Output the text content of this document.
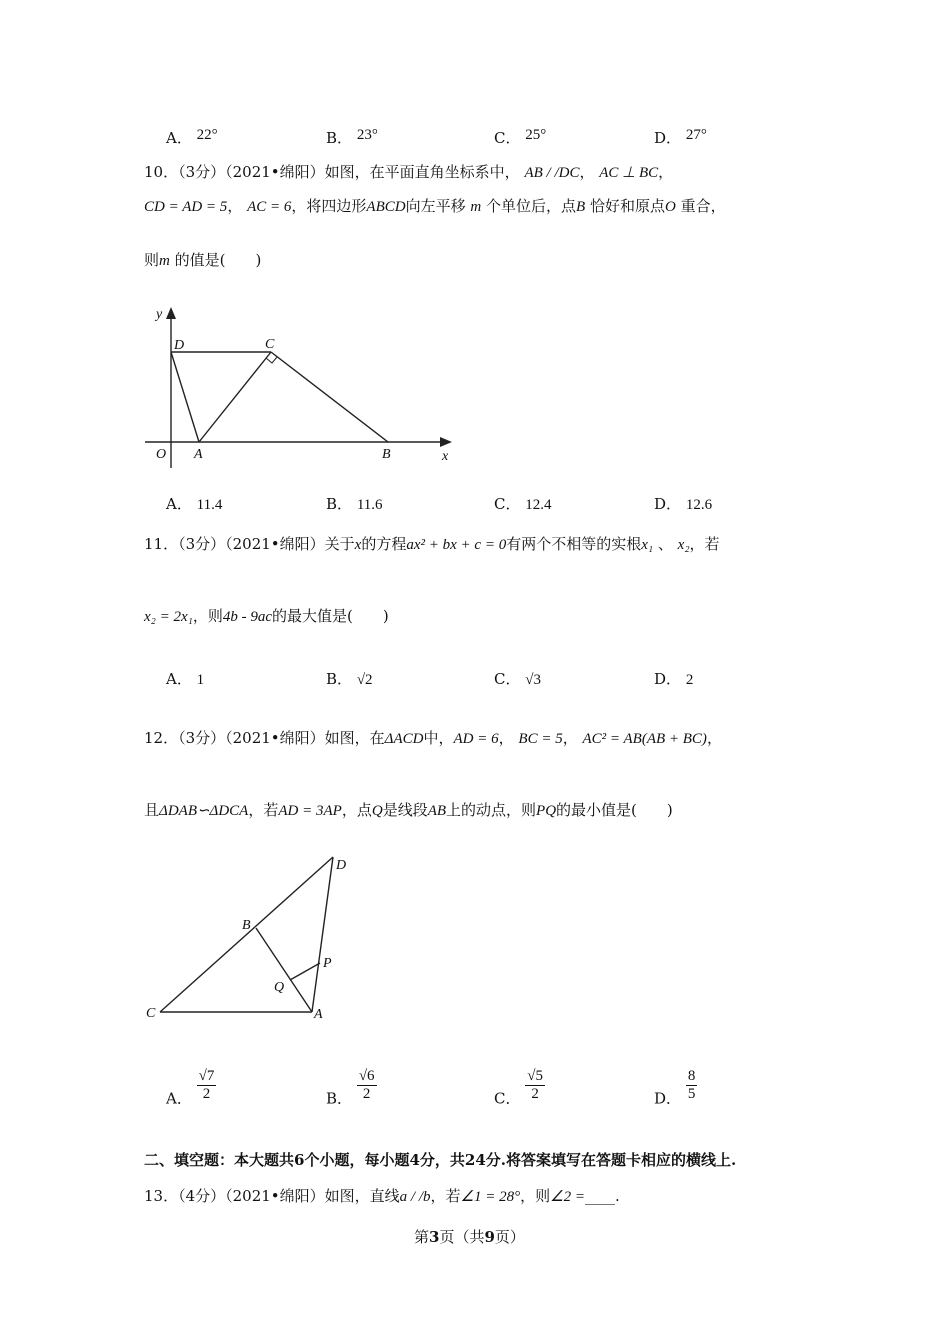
A． 22°	B． 23°	C． 25°	D． 27°
10．（3分）（2021•绵阳）如图，在平面直角坐标系中， AB / /DC， AC ⊥ BC，
CD = AD = 5， AC = 6，将四边形ABCD向左平移 m 个单位后，点B 恰好和原点O 重合，
则m 的值是(　　)
y
x
D	C
O A	B
A． 11.4	B． 11.6	C． 12.4	D． 12.6
11．（3分）（2021•绵阳）关于x的方程ax² + bx + c = 0有两个不相等的实根x₁ 、 x₂，若
x₂ = 2x₁，则4b - 9ac的最大值是(　　)
A． 1	B． √2	C． √3	D． 2
12．（3分）（2021•绵阳）如图，在ΔACD中，AD = 6， BC = 5， AC² = AB(AB + BC)，
且ΔDAB∽ΔDCA，若AD = 3AP，点Q是线段AB上的动点，则PQ的最小值是(　　)
D
B
P
Q
C	A
A． $\frac{√7}{2}$	B． $\frac{√6}{2}$	C． $\frac{√5}{2}$	D． $\frac{8}{5}$
二、填空题：本大题共6个小题，每小题4分，共24分.将答案填写在答题卡相应的横线上.
13．（4分）（2021•绵阳）如图，直线a / /b，若∠1 = 28°，则∠2 =____.
第3页（共9页）
